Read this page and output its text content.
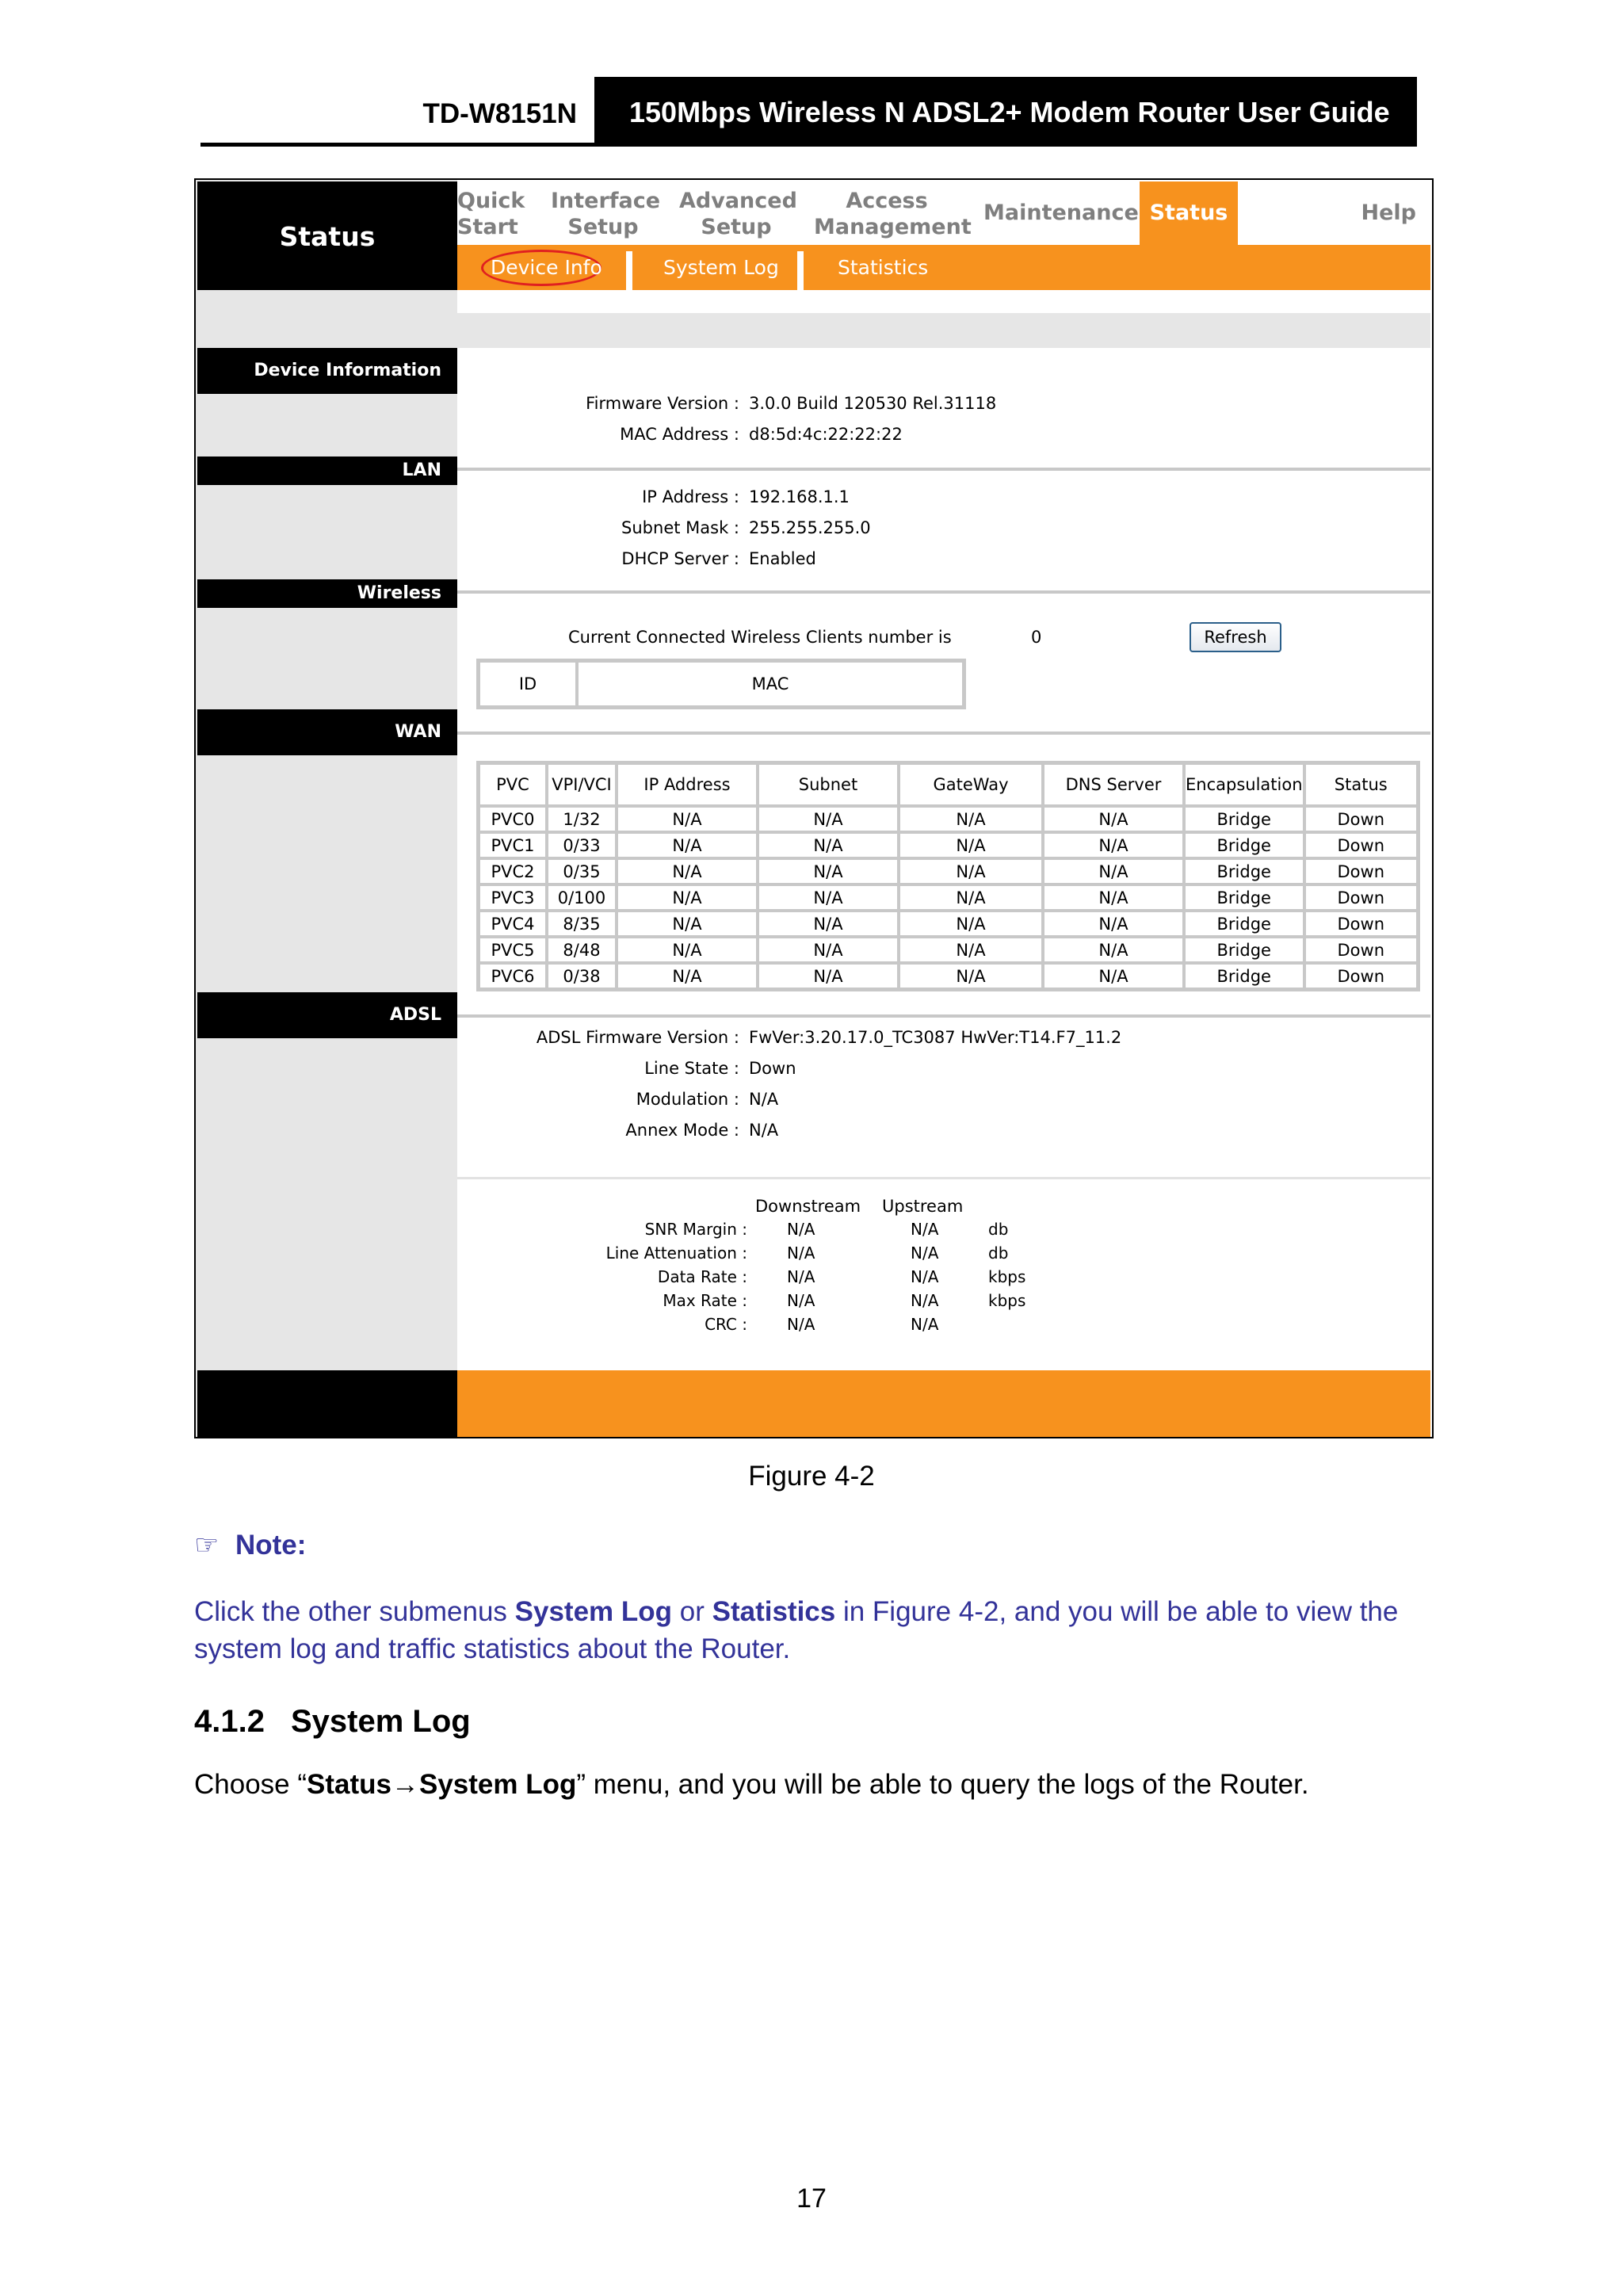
TD-W8151N	150Mbps Wireless N ADSL2+ Modem Router User Guide
Status
Quick
Start
Interface
Setup
Advanced
Setup
Access
Management
Maintenance Status	Help
Device Info	System Log	Statistics
Device Information
LAN
Wireless
WAN
ADSL
Firmware Version : 3.0.0 Build 120530 Rel.31118
MAC Address : d8:5d:4c:22:22:22
IP Address : 192.168.1.1
Subnet Mask : 255.255.255.0
DHCP Server : Enabled
Current Connected Wireless Clients number is	0	Refresh
ID	MAC
PVC	VPI/VCI	IP Address	Subnet	GateWay	DNS Server	Encapsulation	Status
PVC0	1/32	N/A	N/A	N/A	N/A	Bridge	Down
PVC1	0/33	N/A	N/A	N/A	N/A	Bridge	Down
PVC2	0/35	N/A	N/A	N/A	N/A	Bridge	Down
PVC3	0/100	N/A	N/A	N/A	N/A	Bridge	Down
PVC4	8/35	N/A	N/A	N/A	N/A	Bridge	Down
PVC5	8/48	N/A	N/A	N/A	N/A	Bridge	Down
PVC6	0/38	N/A	N/A	N/A	N/A	Bridge	Down
ADSL Firmware Version : FwVer:3.20.17.0_TC3087 HwVer:T14.F7_11.2
Line State : Down
Modulation : N/A
Annex Mode : N/A
Downstream Upstream
SNR Margin :	N/A	N/A	db
Line Attenuation :	N/A	N/A	db
Data Rate :	N/A	N/A	kbps
Max Rate :	N/A	N/A	kbps
CRC :	N/A	N/A
Figure 4-2
☞ Note:
Click the other submenus System Log or Statistics in Figure 4-2, and you will be able to view the system log and traffic statistics about the Router.
4.1.2 System Log
Choose “Status→System Log” menu, and you will be able to query the logs of the Router.
17
